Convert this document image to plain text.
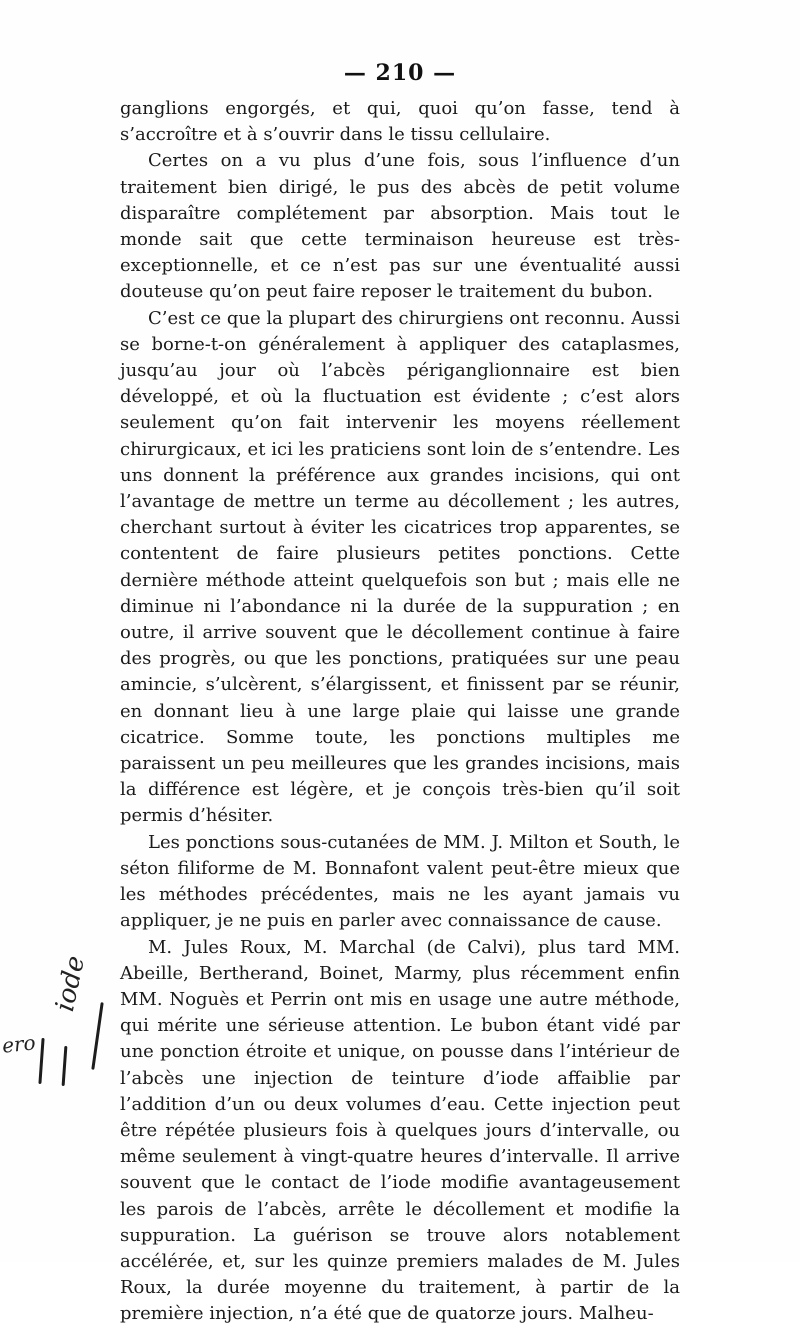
— 210 —

ganglions engorgés, et qui, quoi qu’on fasse, tend à s’accroître et à s’ouvrir dans le tissu cellulaire.

Certes on a vu plus d’une fois, sous l’influence d’un traitement bien dirigé, le pus des abcès de petit volume disparaître complétement par absorption. Mais tout le monde sait que cette terminaison heureuse est très-exceptionnelle, et ce n’est pas sur une éventualité aussi douteuse qu’on peut faire reposer le traitement du bubon.

C’est ce que la plupart des chirurgiens ont reconnu. Aussi se borne-t-on généralement à appliquer des cataplasmes, jusqu’au jour où l’abcès périganglionnaire est bien développé, et où la fluctuation est évidente ; c’est alors seulement qu’on fait intervenir les moyens réellement chirurgicaux, et ici les praticiens sont loin de s’entendre. Les uns donnent la préférence aux grandes incisions, qui ont l’avantage de mettre un terme au décollement ; les autres, cherchant surtout à éviter les cicatrices trop apparentes, se contentent de faire plusieurs petites ponctions. Cette dernière méthode atteint quelquefois son but ; mais elle ne diminue ni l’abondance ni la durée de la suppuration ; en outre, il arrive souvent que le décollement continue à faire des progrès, ou que les ponctions, pratiquées sur une peau amincie, s’ulcèrent, s’élargissent, et finissent par se réunir, en donnant lieu à une large plaie qui laisse une grande cicatrice. Somme toute, les ponctions multiples me paraissent un peu meilleures que les grandes incisions, mais la différence est légère, et je conçois très-bien qu’il soit permis d’hésiter.

Les ponctions sous-cutanées de MM. J. Milton et South, le séton filiforme de M. Bonnafont valent peut-être mieux que les méthodes précédentes, mais ne les ayant jamais vu appliquer, je ne puis en parler avec connaissance de cause.

M. Jules Roux, M. Marchal (de Calvi), plus tard MM. Abeille, Bertherand, Boinet, Marmy, plus récemment enfin MM. Noguès et Perrin ont mis en usage une autre méthode, qui mérite une sérieuse attention. Le bubon étant vidé par une ponction étroite et unique, on pousse dans l’intérieur de l’abcès une injection de teinture d’iode affaiblie par l’addition d’un ou deux volumes d’eau. Cette injection peut être répétée plusieurs fois à quelques jours d’intervalle, ou même seulement à vingt-quatre heures d’intervalle. Il arrive souvent que le contact de l’iode modifie avantageusement les parois de l’abcès, arrête le décollement et modifie la suppuration. La guérison se trouve alors notablement accélérée, et, sur les quinze premiers malades de M. Jules Roux, la durée moyenne du traitement, à partir de la première injection, n’a été que de quatorze jours. Malheu-

iode
ero
